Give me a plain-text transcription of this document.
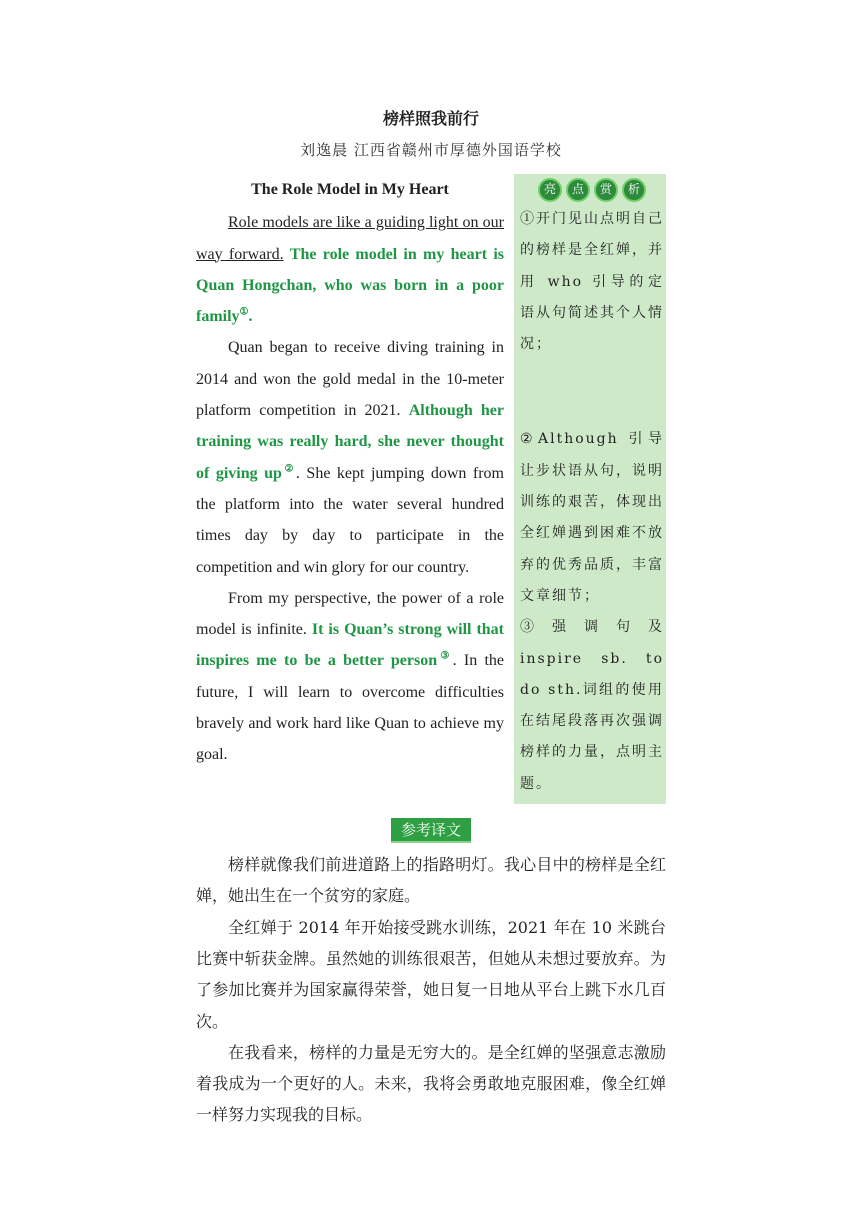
榜样照我前行
刘逸晨 江西省赣州市厚德外国语学校
The Role Model in My Heart

Role models are like a guiding light on our way forward. The role model in my heart is Quan Hongchan, who was born in a poor family①.

Quan began to receive diving training in 2014 and won the gold medal in the 10-meter platform competition in 2021. Although her training was really hard, she never thought of giving up②. She kept jumping down from the platform into the water several hundred times day by day to participate in the competition and win glory for our country.

From my perspective, the power of a role model is infinite. It is Quan’s strong will that inspires me to be a better person③. In the future, I will learn to overcome difficulties bravely and work hard like Quan to achieve my goal.

亮	点	赏	析

①开门见山点明自己的榜样是全红婵，并用 who 引导的定语从句简述其个人情况；

②Although 引导让步状语从句，说明训练的艰苦，体现出全红婵遇到困难不放弃的优秀品质，丰富文章细节；

③ 强 调 句 及 inspire sb. to do sth.词组的使用在结尾段落再次强调榜样的力量，点明主题。

参考译文

榜样就像我们前进道路上的指路明灯。我心目中的榜样是全红婵，她出生在一个贫穷的家庭。

全红婵于 2014 年开始接受跳水训练，2021 年在 10 米跳台比赛中斩获金牌。虽然她的训练很艰苦，但她从未想过要放弃。为了参加比赛并为国家赢得荣誉，她日复一日地从平台上跳下水几百次。

在我看来，榜样的力量是无穷大的。是全红婵的坚强意志激励着我成为一个更好的人。未来，我将会勇敢地克服困难，像全红婵一样努力实现我的目标。
